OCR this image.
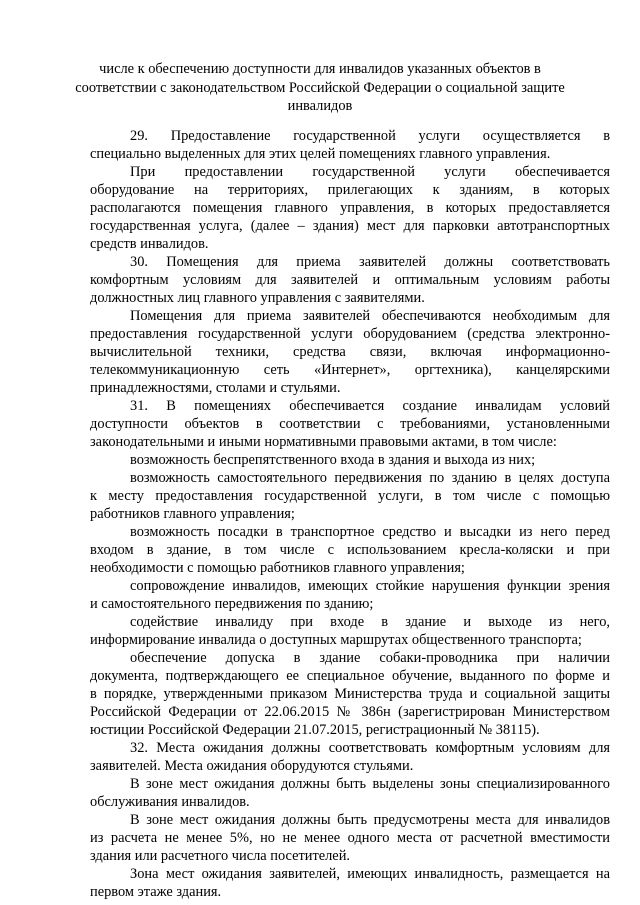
числе к обеспечению доступности для инвалидов указанных объектов в
соответствии с законодательством Российской Федерации о социальной защите
инвалидов
29. Предоставление государственной услуги осуществляется в
специально выделенных для этих целей помещениях главного управления.
При предоставлении государственной услуги обеспечивается
оборудование на территориях, прилегающих к зданиям, в которых
располагаются помещения главного управления, в которых предоставляется
государственная услуга, (далее – здания) мест для парковки автотранспортных
средств инвалидов.
30. Помещения для приема заявителей должны соответствовать
комфортным условиям для заявителей и оптимальным условиям работы
должностных лиц главного управления с заявителями.
Помещения для приема заявителей обеспечиваются необходимым для
предоставления государственной услуги оборудованием (средства электронно-
вычислительной техники, средства связи, включая информационно-
телекоммуникационную сеть «Интернет», оргтехника), канцелярскими
принадлежностями, столами и стульями.
31. В помещениях обеспечивается создание инвалидам условий
доступности объектов в соответствии с требованиями, установленными
законодательными и иными нормативными правовыми актами, в том числе:
возможность беспрепятственного входа в здания и выхода из них;
возможность самостоятельного передвижения по зданию в целях доступа
к месту предоставления государственной услуги, в том числе с помощью
работников главного управления;
возможность посадки в транспортное средство и высадки из него перед
входом в здание, в том числе с использованием кресла-коляски и при
необходимости с помощью работников главного управления;
сопровождение инвалидов, имеющих стойкие нарушения функции зрения
и самостоятельного передвижения по зданию;
содействие инвалиду при входе в здание и выходе из него,
информирование инвалида о доступных маршрутах общественного транспорта;
обеспечение допуска в здание собаки-проводника при наличии
документа, подтверждающего ее специальное обучение, выданного по форме и
в порядке, утвержденными приказом Министерства труда и социальной защиты
Российской Федерации от 22.06.2015 № 386н (зарегистрирован Министерством
юстиции Российской Федерации 21.07.2015, регистрационный № 38115).
32. Места ожидания должны соответствовать комфортным условиям для
заявителей. Места ожидания оборудуются стульями.
В зоне мест ожидания должны быть выделены зоны специализированного
обслуживания инвалидов.
В зоне мест ожидания должны быть предусмотрены места для инвалидов
из расчета не менее 5%, но не менее одного места от расчетной вместимости
здания или расчетного числа посетителей.
Зона мест ожидания заявителей, имеющих инвалидность, размещается на
первом этаже здания.
